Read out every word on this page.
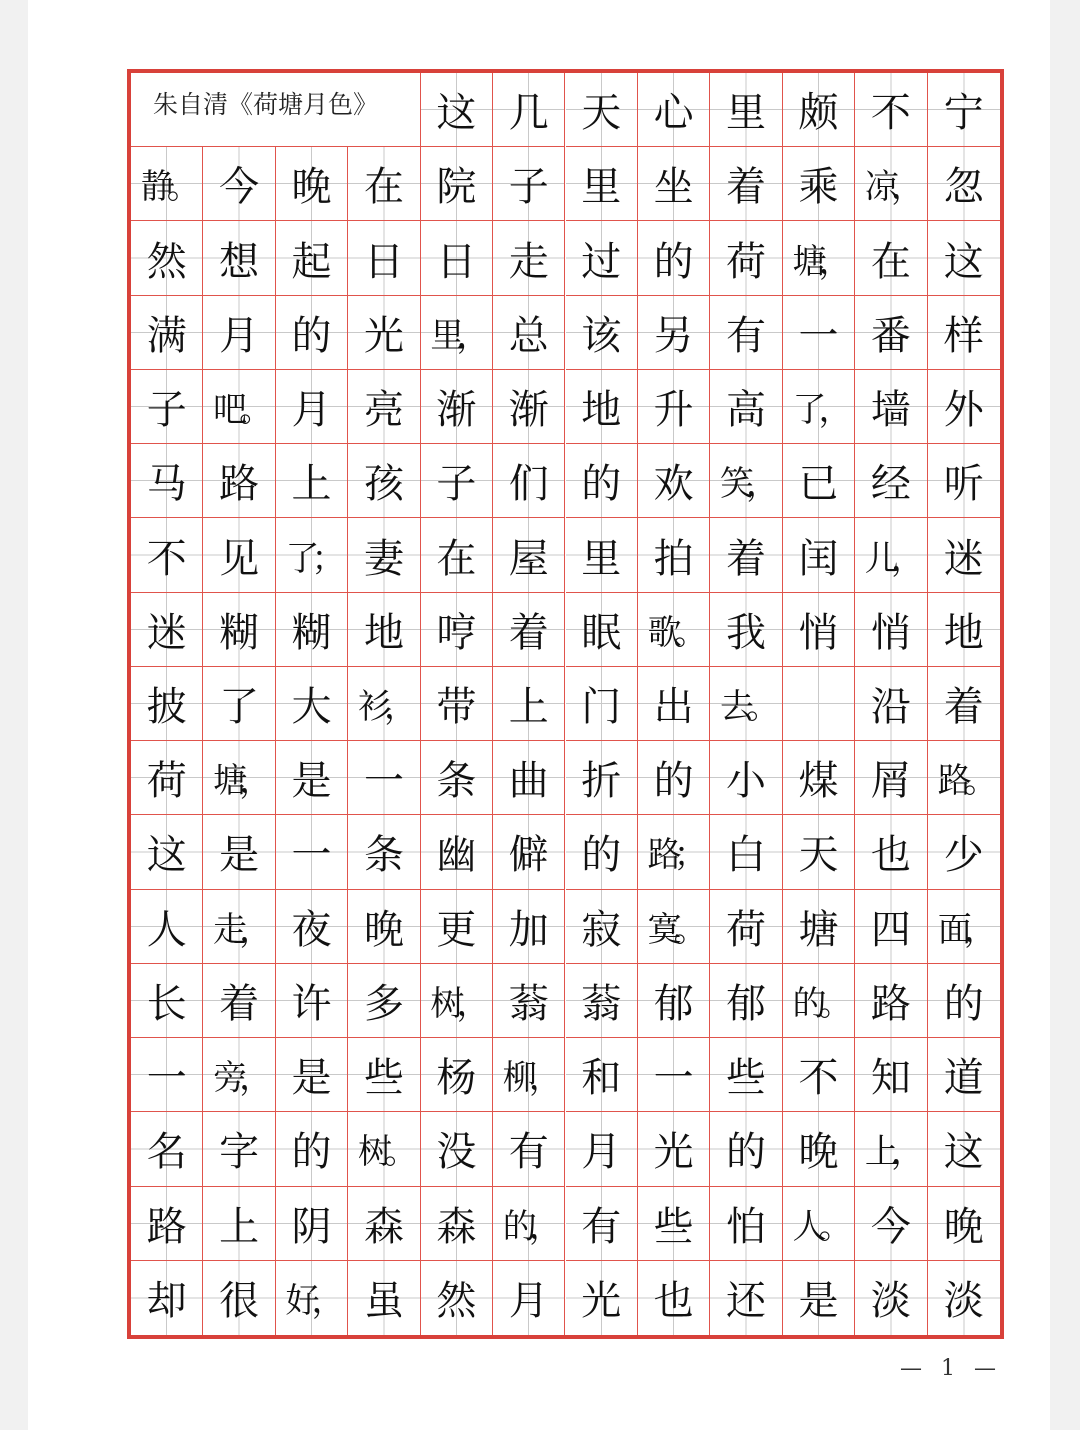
朱自清《荷塘月色》	这 几 天 心 里 颇 不 宁
静。 今 晚 在 院 子 里 坐 着 乘 凉， 忽
然 想 起 日 日 走 过 的 荷 塘， 在 这
满 月 的 光 里， 总 该 另 有 一 番 样
子 吧。 月 亮 渐 渐 地 升 高 了， 墙 外
马 路 上 孩 子 们 的 欢 笑， 已 经 听
不 见 了； 妻 在 屋 里 拍 着 闰 儿， 迷
迷 糊 糊 地 哼 着 眠 歌。 我 悄 悄 地
披 了 大 衫， 带 上 门 出 去。	沿 着
荷 塘， 是 一 条 曲 折 的 小 煤 屑 路。
这 是 一 条 幽 僻 的 路； 白 天 也 少
人 走， 夜 晚 更 加 寂 寞。 荷 塘 四 面，
长 着 许 多 树， 蓊 蓊 郁 郁 的。 路 的
一 旁， 是 些 杨 柳， 和 一 些 不 知 道
名 字 的 树。 没 有 月 光 的 晚 上， 这
路 上 阴 森 森 的， 有 些 怕 人。 今 晚
却 很 好， 虽 然 月 光 也 还 是 淡 淡
— 1 —
